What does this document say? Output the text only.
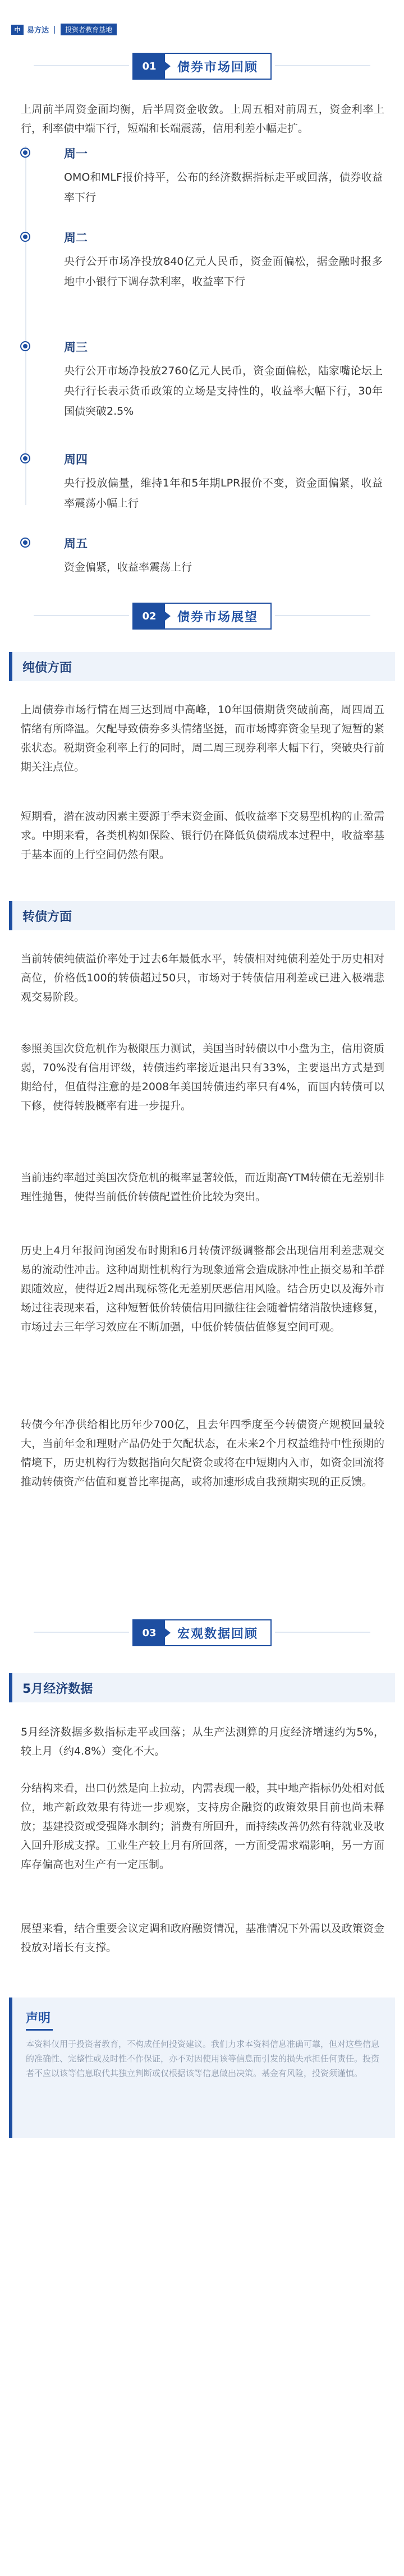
中 易方达	投资者教育基地
01	债券市场回顾

上周前半周资金面均衡，后半周资金收敛。上周五相对前周五，资金利率上行，利率债中端下行，短端和长端震荡，信用利差小幅走扩。

周一

OMO和MLF报价持平，公布的经济数据指标走平或回落，债券收益率下行

周二

央行公开市场净投放840亿元人民币，资金面偏松，据金融时报多地中小银行下调存款利率，收益率下行

周三

央行公开市场净投放2760亿元人民币，资金面偏松，陆家嘴论坛上央行行长表示货币政策的立场是支持性的，收益率大幅下行，30年国债突破2.5%

周四

央行投放偏量，维持1年和5年期LPR报价不变，资金面偏紧，收益率震荡小幅上行

周五

资金偏紧，收益率震荡上行

02	债券市场展望
纯债方面

上周债券市场行情在周三达到周中高峰，10年国债期货突破前高，周四周五情绪有所降温。欠配导致债券多头情绪坚挺，而市场博弈资金呈现了短暂的紧张状态。税期资金利率上行的同时，周二周三现券利率大幅下行，突破央行前期关注点位。

短期看，潜在波动因素主要源于季末资金面、低收益率下交易型机构的止盈需求。中期来看，各类机构如保险、银行仍在降低负债端成本过程中，收益率基于基本面的上行空间仍然有限。

转债方面

当前转债纯债溢价率处于过去6年最低水平，转债相对纯债利差处于历史相对高位，价格低100的转债超过50只，市场对于转债信用利差或已进入极端悲观交易阶段。

参照美国次贷危机作为极限压力测试，美国当时转债以中小盘为主，信用资质弱，70%没有信用评级，转债违约率接近退出只有33%，主要退出方式是到期给付，但值得注意的是2008年美国转债违约率只有4%，而国内转债可以下修，使得转股概率有进一步提升。

当前违约率超过美国次贷危机的概率显著较低，而近期高YTM转债在无差别非理性抛售，使得当前低价转债配置性价比较为突出。

历史上4月年报问询函发布时期和6月转债评级调整都会出现信用利差悲观交易的流动性冲击。这种周期性机构行为现象通常会造成脉冲性止损交易和羊群跟随效应，使得近2周出现标签化无差别厌恶信用风险。结合历史以及海外市场过往表现来看，这种短暂低价转债信用回撤往往会随着情绪消散快速修复，市场过去三年学习效应在不断加强，中低价转债估值修复空间可观。

转债今年净供给相比历年少700亿，且去年四季度至今转债资产规模回量较大，当前年金和理财产品仍处于欠配状态，在未来2个月权益维持中性预期的情境下，历史机构行为数据指向欠配资金或将在中短期内入市，如资金回流将推动转债资产估值和夏普比率提高，或将加速形成自我预期实现的正反馈。

03	宏观数据回顾
5月经济数据

5月经济数据多数指标走平或回落；从生产法测算的月度经济增速约为5%，较上月（约4.8%）变化不大。

分结构来看，出口仍然是向上拉动，内需表现一般，其中地产指标仍处相对低位，地产新政效果有待进一步观察，支持房企融资的政策效果目前也尚未释放；基建投资或受强降水制约；消费有所回升，而持续改善仍然有待就业及收入回升形成支撑。工业生产较上月有所回落，一方面受需求端影响，另一方面库存偏高也对生产有一定压制。

展望来看，结合重要会议定调和政府融资情况，基准情况下外需以及政策资金投放对增长有支撑。

声明

本资料仅用于投资者教育，不构成任何投资建议。我们力求本资料信息准确可靠，但对这些信息的准确性、完整性或及时性不作保证，亦不对因使用该等信息而引发的损失承担任何责任。投资者不应以该等信息取代其独立判断或仅根据该等信息做出决策。基金有风险，投资须谨慎。
